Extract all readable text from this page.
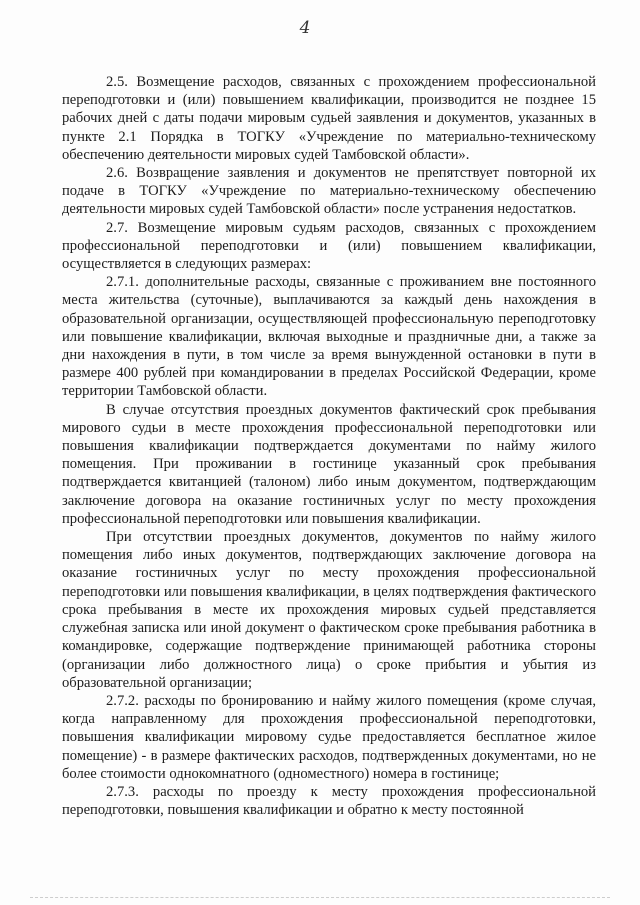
4

2.5. Возмещение расходов, связанных с прохождением профессиональной переподготовки и (или) повышением квалификации, производится не позднее 15 рабочих дней с даты подачи мировым судьей заявления и документов, указанных в пункте 2.1 Порядка в ТОГКУ «Учреждение по материально-техническому обеспечению деятельности мировых судей Тамбовской области».

2.6. Возвращение заявления и документов не препятствует повторной их подаче в ТОГКУ «Учреждение по материально-техническому обеспечению деятельности мировых судей Тамбовской области» после устранения недостатков.

2.7. Возмещение мировым судьям расходов, связанных с прохождением профессиональной переподготовки и (или) повышением квалификации, осуществляется в следующих размерах:

2.7.1. дополнительные расходы, связанные с проживанием вне постоянного места жительства (суточные), выплачиваются за каждый день нахождения в образовательной организации, осуществляющей профессиональную переподготовку или повышение квалификации, включая выходные и праздничные дни, а также за дни нахождения в пути, в том числе за время вынужденной остановки в пути в размере 400 рублей при командировании в пределах Российской Федерации, кроме территории Тамбовской области.

В случае отсутствия проездных документов фактический срок пребывания мирового судьи в месте прохождения профессиональной переподготовки или повышения квалификации подтверждается документами по найму жилого помещения. При проживании в гостинице указанный срок пребывания подтверждается квитанцией (талоном) либо иным документом, подтверждающим заключение договора на оказание гостиничных услуг по месту прохождения профессиональной переподготовки или повышения квалификации.

При отсутствии проездных документов, документов по найму жилого помещения либо иных документов, подтверждающих заключение договора на оказание гостиничных услуг по месту прохождения профессиональной переподготовки или повышения квалификации, в целях подтверждения фактического срока пребывания в месте их прохождения мировых судьей представляется служебная записка или иной документ о фактическом сроке пребывания работника в командировке, содержащие подтверждение принимающей работника стороны (организации либо должностного лица) о сроке прибытия и убытия из образовательной организации;

2.7.2. расходы по бронированию и найму жилого помещения (кроме случая, когда направленному для прохождения профессиональной переподготовки, повышения квалификации мировому судье предоставляется бесплатное жилое помещение) - в размере фактических расходов, подтвержденных документами, но не более стоимости однокомнатного (одноместного) номера в гостинице;

2.7.3. расходы по проезду к месту прохождения профессиональной переподготовки, повышения квалификации и обратно к месту постоянной
